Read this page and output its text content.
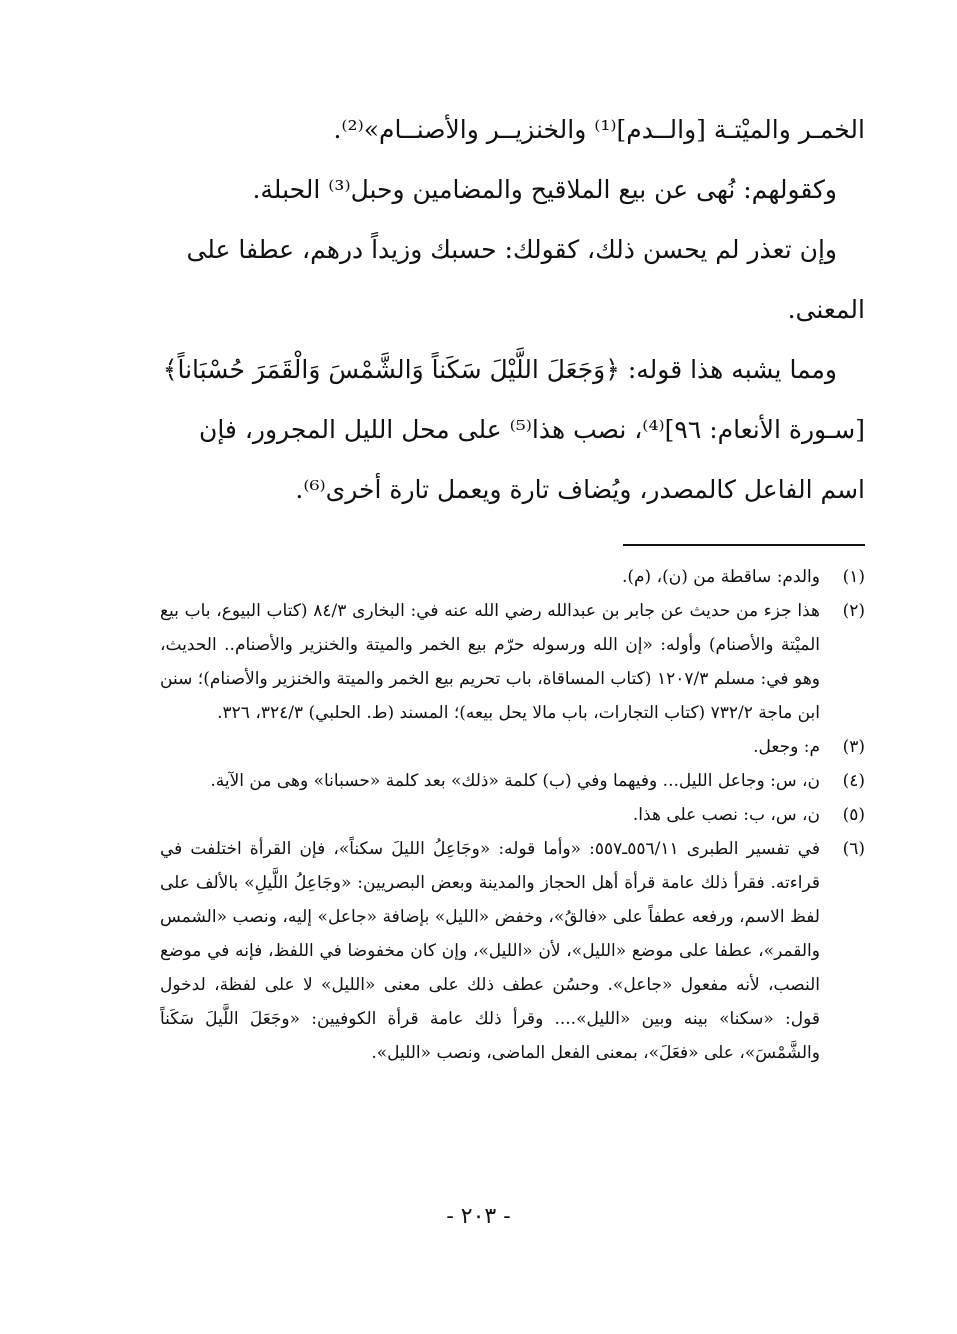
الخمـر والميْتـة [والــدم]⁽¹⁾ والخنزيــر والأصنــام»⁽²⁾.

وكقولهم: نُهى عن بيع الملاقيح والمضامين وحبل⁽³⁾ الحبلة.

وإن تعذر لم يحسن ذلك، كقولك: حسبك وزيداً درهم، عطفا على المعنى.

ومما يشبه هذا قوله: ﴿وَجَعَلَ اللَّيْلَ سَكَناً وَالشَّمْسَ وَالْقَمَرَ حُسْبَاناً﴾ [سـورة الأنعام: ٩٦]⁽⁴⁾، نصب هذا⁽⁵⁾ على محل الليل المجرور، فإن اسم الفاعل كالمصدر، ويُضاف تارة ويعمل تارة أخرى⁽⁶⁾.

(١)
والدم: ساقطة من (ن)، (م).
(٢)
هذا جزء من حديث عن جابر بن عبدالله رضي الله عنه في: البخارى ٨٤/٣ (كتاب البيوع، باب بيع الميْتة والأصنام) وأوله: «إن الله ورسوله حرّم بيع الخمر والميتة والخنزير والأصنام.. الحديث، وهو في: مسلم ١٢٠٧/٣ (كتاب المساقاة، باب تحريم بيع الخمر والميتة والخنزير والأصنام)؛ سنن ابن ماجة ٧٣٢/٢ (كتاب التجارات، باب مالا يحل بيعه)؛ المسند (ط. الحلبي) ٣٢٤/٣، ٣٢٦.
(٣)
م: وجعل.
(٤)
ن، س: وجاعل الليل... وفيهما وفي (ب) كلمة «ذلك» بعد كلمة «حسبانا» وهى من الآية.
(٥)
ن، س، ب: نصب على هذا.
(٦)
في تفسير الطبرى ٥٥٦/١١ـ٥٥٧: «وأما قوله: «وجَاعِلُ الليلَ سكناً»، فإن القرأة اختلفت في قراءته. فقرأ ذلك عامة قرأة أهل الحجاز والمدينة وبعض البصريين: «وجَاعِلُ اللَّيلِ» بالألف على لفظ الاسم، ورفعه عطفاً على «فالقُ»، وخفض «الليل» بإضافة «جاعل» إليه، ونصب «الشمس والقمر»، عطفا على موضع «الليل»، لأن «الليل»، وإن كان مخفوضا في اللفظ، فإنه في موضع النصب، لأنه مفعول «جاعل». وحسُن عطف ذلك على معنى «الليل» لا على لفظة، لدخول قول: «سكنا» بينه وبين «الليل».... وقرأ ذلك عامة قرأة الكوفيين: «وجَعَلَ اللَّيلَ سَكَناً والشَّمْسَ»، على «فعَلَ»، بمعنى الفعل الماضى، ونصب «الليل».
- ٢٠٣ -
